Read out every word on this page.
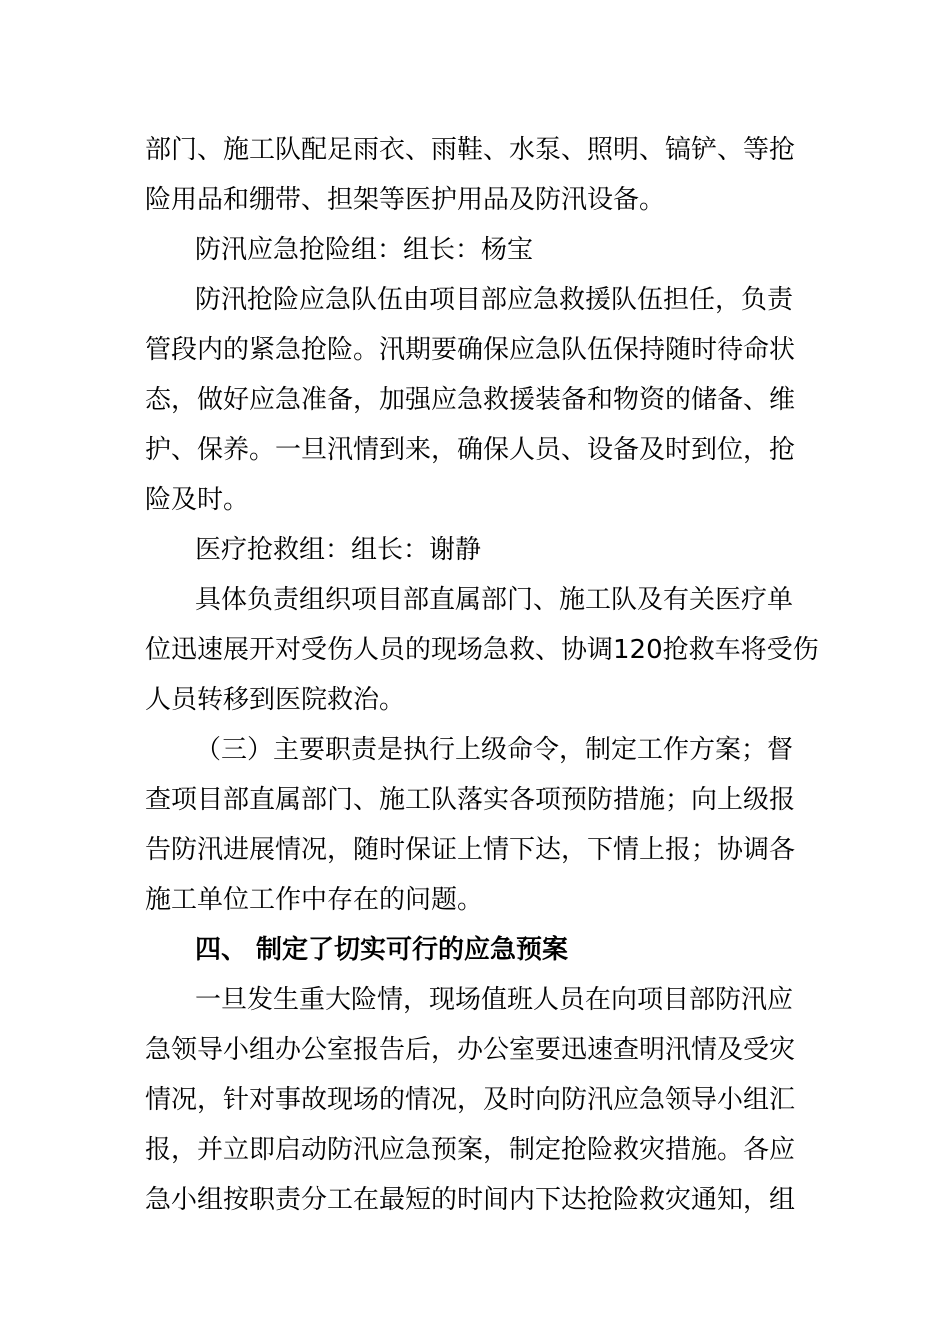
部门、施工队配足雨衣、雨鞋、水泵、照明、镐铲、等抢
险用品和绷带、担架等医护用品及防汛设备。
防汛应急抢险组：组长：杨宝
防汛抢险应急队伍由项目部应急救援队伍担任，负责
管段内的紧急抢险。汛期要确保应急队伍保持随时待命状
态，做好应急准备，加强应急救援装备和物资的储备、维
护、保养。一旦汛情到来，确保人员、设备及时到位，抢
险及时。
医疗抢救组：组长：谢静
具体负责组织项目部直属部门、施工队及有关医疗单
位迅速展开对受伤人员的现场急救、协调120抢救车将受伤
人员转移到医院救治。
（三）主要职责是执行上级命令，制定工作方案；督
查项目部直属部门、施工队落实各项预防措施；向上级报
告防汛进展情况，随时保证上情下达，下情上报；协调各
施工单位工作中存在的问题。
四、 制定了切实可行的应急预案
一旦发生重大险情，现场值班人员在向项目部防汛应
急领导小组办公室报告后，办公室要迅速查明汛情及受灾
情况，针对事故现场的情况，及时向防汛应急领导小组汇
报，并立即启动防汛应急预案，制定抢险救灾措施。各应
急小组按职责分工在最短的时间内下达抢险救灾通知，组
